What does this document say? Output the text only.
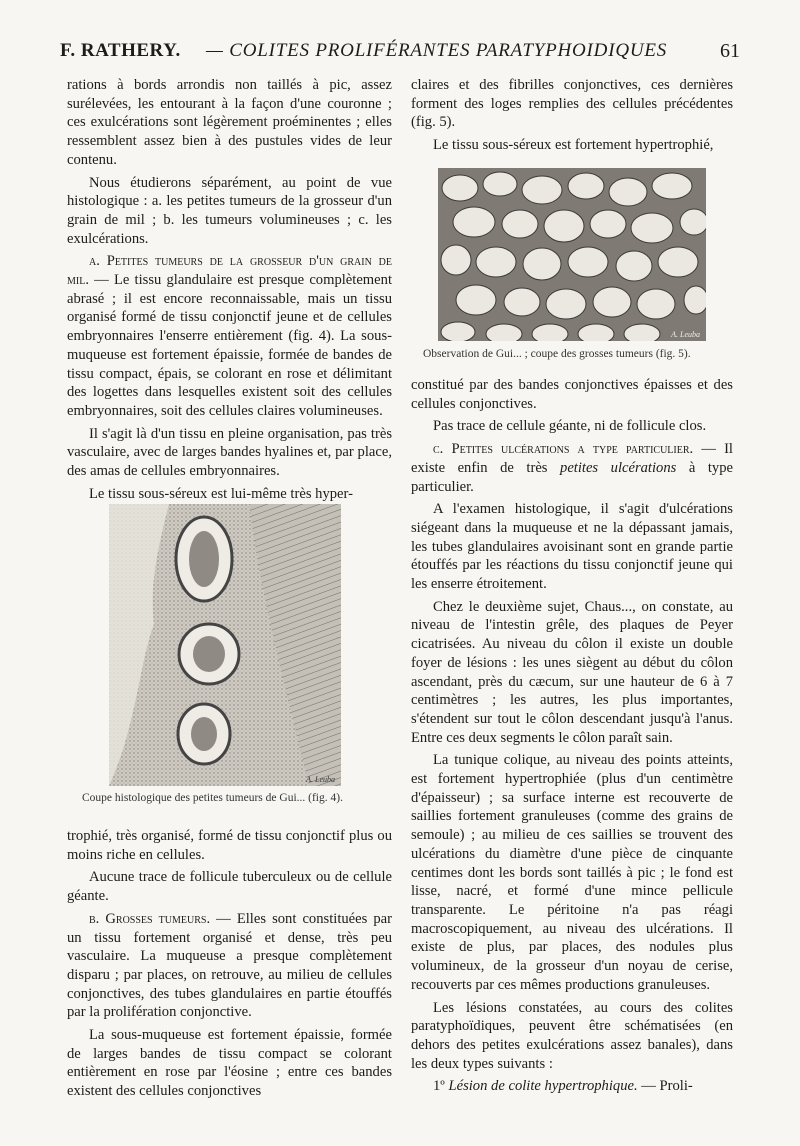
F. RATHERY. — COLITES PROLIFÉRANTES PARATYPHOIDIQUES	61

rations à bords arrondis non taillés à pic, assez surélevées, les entourant à la façon d'une couronne ; ces exulcérations sont légèrement proéminentes ; elles ressemblent assez bien à des pustules vides de leur contenu.

Nous étudierons séparément, au point de vue histologique : a. les petites tumeurs de la grosseur d'un grain de mil ; b. les tumeurs volumineuses ; c. les exulcérations.

a. Petites tumeurs de la grosseur d'un grain de mil. — Le tissu glandulaire est presque complètement abrasé ; il est encore reconnaissable, mais un tissu organisé formé de tissu conjonctif jeune et de cellules embryonnaires l'enserre entièrement (fig. 4). La sous-muqueuse est fortement épaissie, formée de bandes de tissu compact, épais, se colorant en rose et délimitant des logettes dans lesquelles existent soit des cellules embryonnaires, soit des cellules claires volumineuses.

Il s'agit là d'un tissu en pleine organisation, pas très vasculaire, avec de larges bandes hyalines et, par place, des amas de cellules embryonnaires.

Le tissu sous-séreux est lui-même très hyper-

A. Leuba
Coupe histologique des petites tumeurs de Gui... (fig. 4).

trophié, très organisé, formé de tissu conjonctif plus ou moins riche en cellules.

Aucune trace de follicule tuberculeux ou de cellule géante.

b. Grosses tumeurs. — Elles sont constituées par un tissu fortement organisé et dense, très peu vasculaire. La muqueuse a presque complètement disparu ; par places, on retrouve, au milieu de cellules conjonctives, des tubes glandulaires en partie étouffés par la prolifération conjonctive.

La sous-muqueuse est fortement épaissie, formée de larges bandes de tissu compact se colorant entièrement en rose par l'éosine ; entre ces bandes existent des cellules conjonctives

claires et des fibrilles conjonctives, ces dernières forment des loges remplies des cellules précédentes (fig. 5).

Le tissu sous-séreux est fortement hypertrophié,

A. Leuba
Observation de Gui... ; coupe des grosses tumeurs (fig. 5).

constitué par des bandes conjonctives épaisses et des cellules conjonctives.

Pas trace de cellule géante, ni de follicule clos.

c. Petites ulcérations a type particulier. — Il existe enfin de très petites ulcérations à type particulier.

A l'examen histologique, il s'agit d'ulcérations siégeant dans la muqueuse et ne la dépassant jamais, les tubes glandulaires avoisinant sont en grande partie étouffés par les réactions du tissu conjonctif jeune qui les enserre étroitement.

Chez le deuxième sujet, Chaus..., on constate, au niveau de l'intestin grêle, des plaques de Peyer cicatrisées. Au niveau du côlon il existe un double foyer de lésions : les unes siègent au début du côlon ascendant, près du cæcum, sur une hauteur de 6 à 7 centimètres ; les autres, les plus importantes, s'étendent sur tout le côlon descendant jusqu'à l'anus. Entre ces deux segments le côlon paraît sain.

La tunique colique, au niveau des points atteints, est fortement hypertrophiée (plus d'un centimètre d'épaisseur) ; sa surface interne est recouverte de saillies fortement granuleuses (comme des grains de semoule) ; au milieu de ces saillies se trouvent des ulcérations du diamètre d'une pièce de cinquante centimes dont les bords sont taillés à pic ; le fond est lisse, nacré, et formé d'une mince pellicule transparente. Le péritoine n'a pas réagi macroscopiquement, au niveau des ulcérations. Il existe de plus, par places, des nodules plus volumineux, de la grosseur d'un noyau de cerise, recouverts par ces mêmes productions granuleuses.

Les lésions constatées, au cours des colites paratyphoïdiques, peuvent être schématisées (en dehors des petites exulcérations assez banales), dans les deux types suivants :

1º Lésion de colite hypertrophique. — Proli-
